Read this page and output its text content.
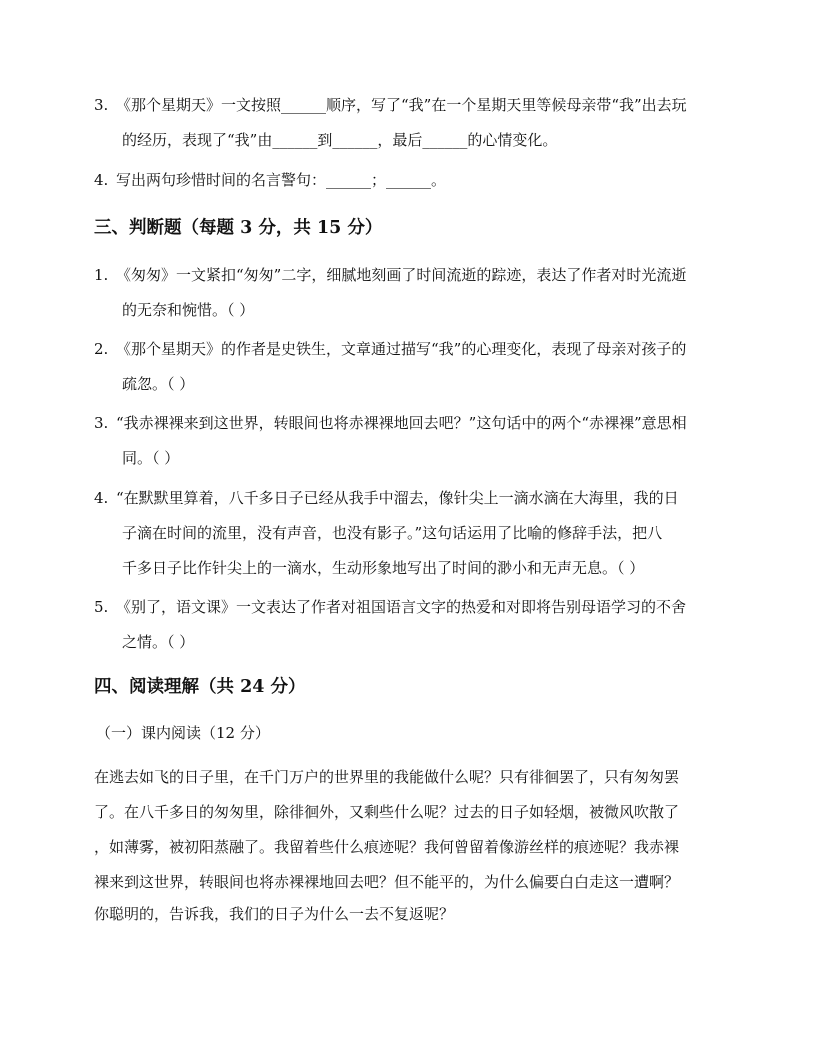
3. 《那个星期天》一文按照______顺序，写了“我”在一个星期天里等候母亲带“我”出去玩
的经历，表现了“我”由______到______，最后______的心情变化。

4. 写出两句珍惜时间的名言警句：______；______。

三、判断题（每题 3 分，共 15 分）

1. 《匆匆》一文紧扣“匆匆”二字，细腻地刻画了时间流逝的踪迹，表达了作者对时光流逝
的无奈和惋惜。（ ）

2. 《那个星期天》的作者是史铁生，文章通过描写“我”的心理变化，表现了母亲对孩子的
疏忽。（ ）

3. “我赤裸裸来到这世界，转眼间也将赤裸裸地回去吧？”这句话中的两个“赤裸裸”意思相
同。（ ）

4. “在默默里算着，八千多日子已经从我手中溜去，像针尖上一滴水滴在大海里，我的日
子滴在时间的流里，没有声音，也没有影子。”这句话运用了比喻的修辞手法，把八
千多日子比作针尖上的一滴水，生动形象地写出了时间的渺小和无声无息。（ ）

5. 《别了，语文课》一文表达了作者对祖国语言文字的热爱和对即将告别母语学习的不舍
之情。（ ）

四、阅读理解（共 24 分）

（一）课内阅读（12 分）

在逃去如飞的日子里，在千门万户的世界里的我能做什么呢？只有徘徊罢了，只有匆匆罢
了。在八千多日的匆匆里，除徘徊外，又剩些什么呢？过去的日子如轻烟，被微风吹散了
，如薄雾，被初阳蒸融了。我留着些什么痕迹呢？我何曾留着像游丝样的痕迹呢？我赤裸
裸来到这世界，转眼间也将赤裸裸地回去吧？但不能平的，为什么偏要白白走这一遭啊？

你聪明的，告诉我，我们的日子为什么一去不复返呢？
